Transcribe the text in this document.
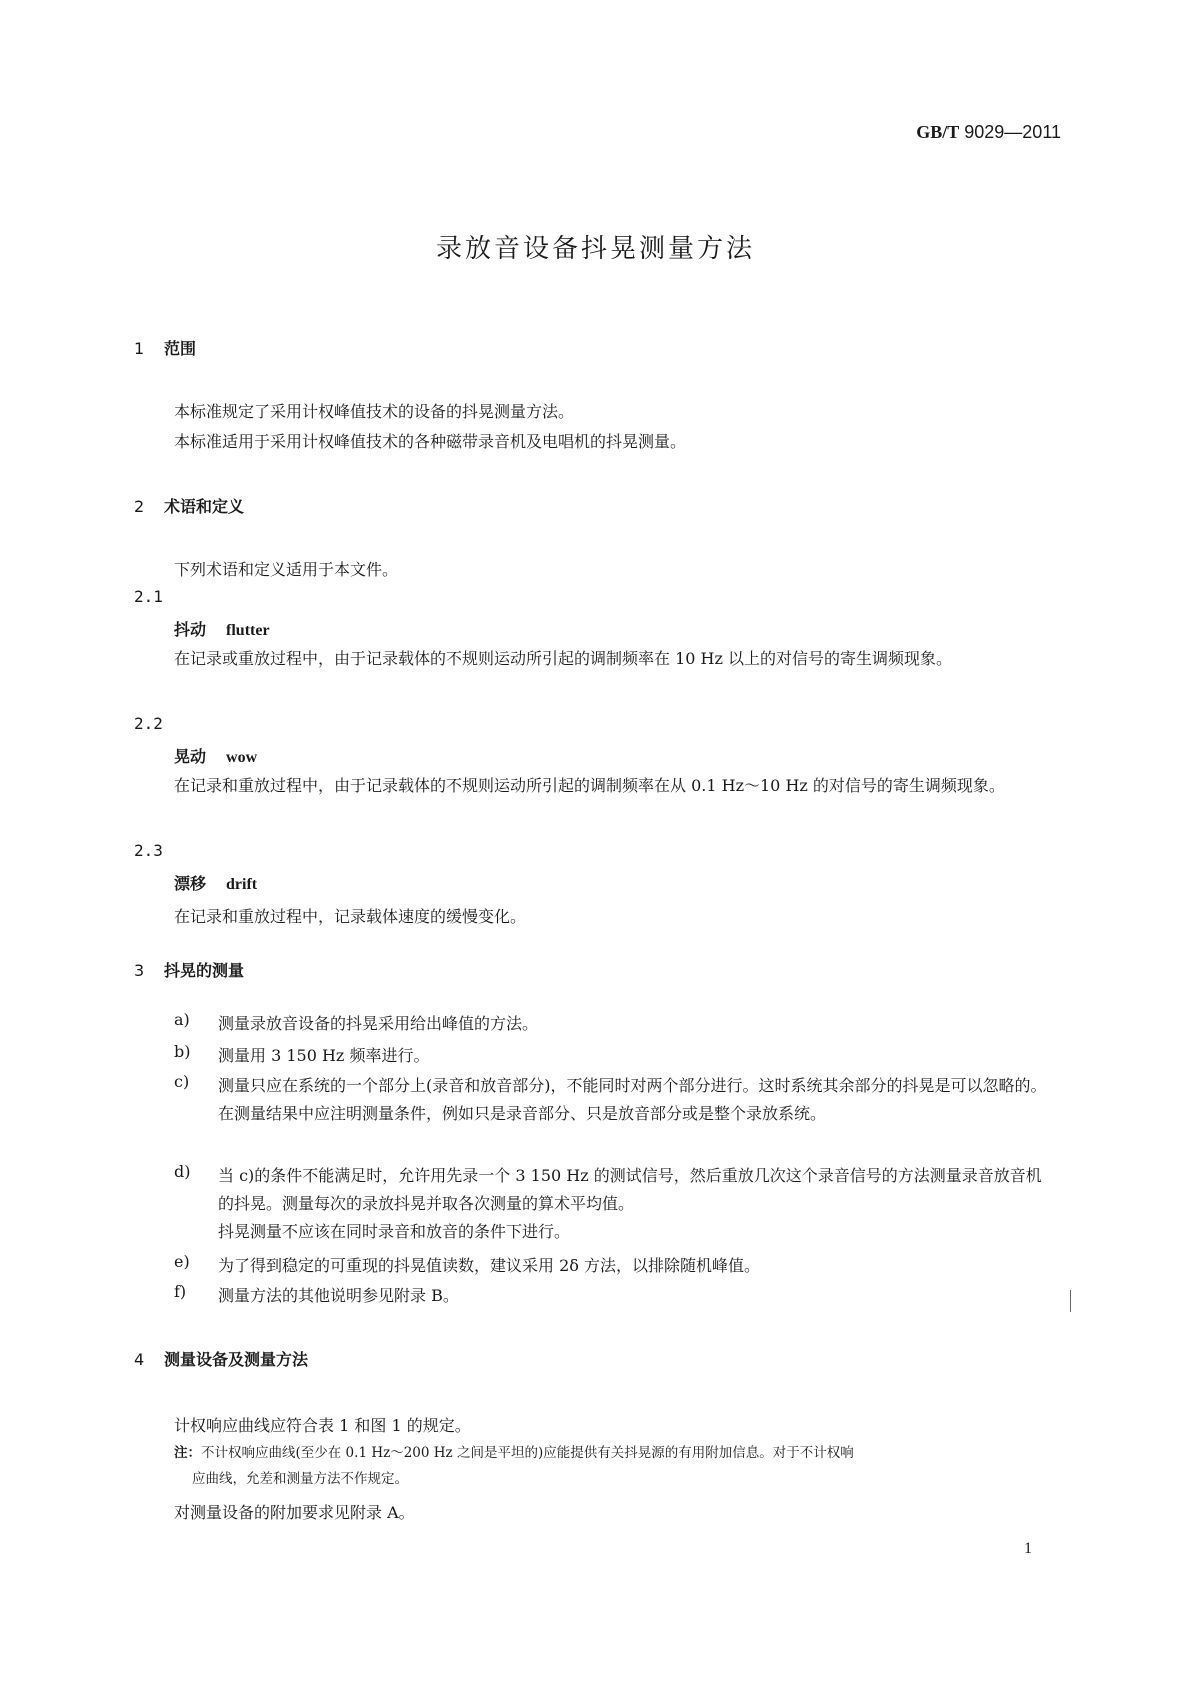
GB/T 9029—2011
录放音设备抖晃测量方法
1 范围
本标准规定了采用计权峰值技术的设备的抖晃测量方法。
本标准适用于采用计权峰值技术的各种磁带录音机及电唱机的抖晃测量。
2 术语和定义
下列术语和定义适用于本文件。
2.1
抖动 flutter
在记录或重放过程中，由于记录载体的不规则运动所引起的调制频率在 10 Hz 以上的对信号的寄生调频现象。
2.2
晃动 wow
在记录和重放过程中，由于记录载体的不规则运动所引起的调制频率在从 0.1 Hz～10 Hz 的对信号的寄生调频现象。
2.3
漂移 drift
在记录和重放过程中，记录载体速度的缓慢变化。
3 抖晃的测量
a) 测量录放音设备的抖晃采用给出峰值的方法。
b) 测量用 3 150 Hz 频率进行。
c) 测量只应在系统的一个部分上(录音和放音部分)，不能同时对两个部分进行。这时系统其余部分的抖晃是可以忽略的。
在测量结果中应注明测量条件，例如只是录音部分、只是放音部分或是整个录放系统。
d) 当 c)的条件不能满足时，允许用先录一个 3 150 Hz 的测试信号，然后重放几次这个录音信号的方法测量录音放音机的抖晃。测量每次的录放抖晃并取各次测量的算术平均值。
抖晃测量不应该在同时录音和放音的条件下进行。
e) 为了得到稳定的可重现的抖晃值读数，建议采用 2δ 方法，以排除随机峰值。
f) 测量方法的其他说明参见附录 B。
4 测量设备及测量方法
计权响应曲线应符合表 1 和图 1 的规定。
注：不计权响应曲线(至少在 0.1 Hz～200 Hz 之间是平坦的)应能提供有关抖晃源的有用附加信息。对于不计权响
应曲线，允差和测量方法不作规定。
对测量设备的附加要求见附录 A。
1
